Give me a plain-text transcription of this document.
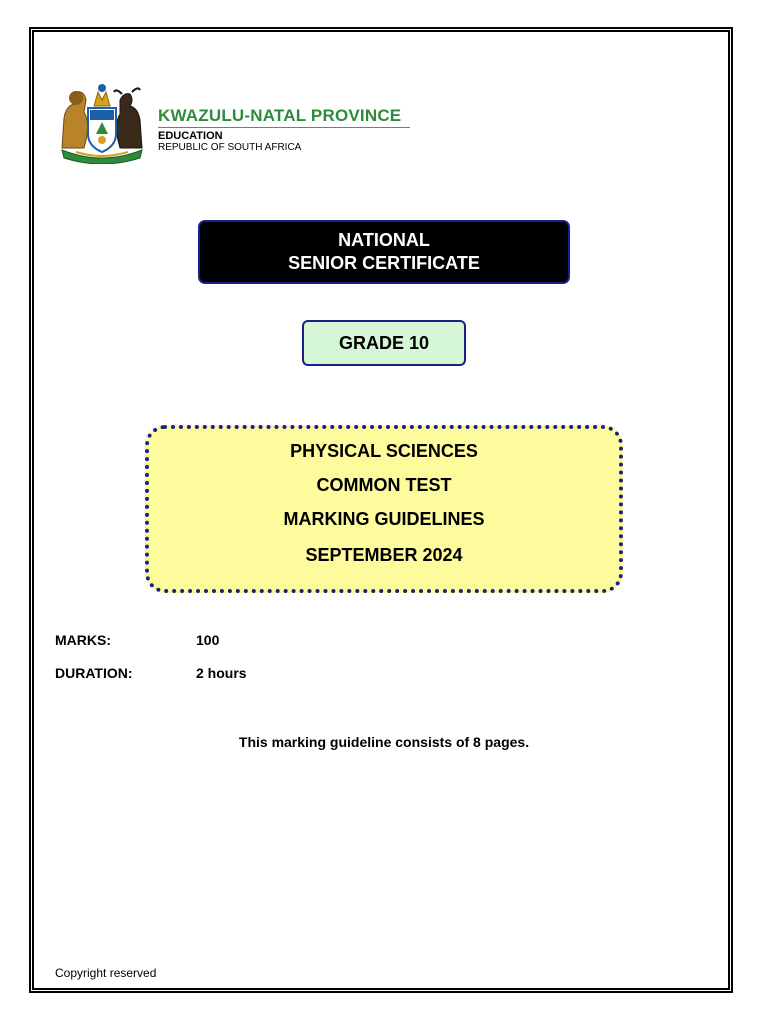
KWAZULU-NATAL PROVINCE
EDUCATION
REPUBLIC OF SOUTH AFRICA
NATIONAL
SENIOR CERTIFICATE
GRADE 10
PHYSICAL SCIENCES
COMMON TEST
MARKING GUIDELINES
SEPTEMBER 2024
MARKS:	100
DURATION:	2 hours
This marking guideline consists of 8 pages.
Copyright reserved
